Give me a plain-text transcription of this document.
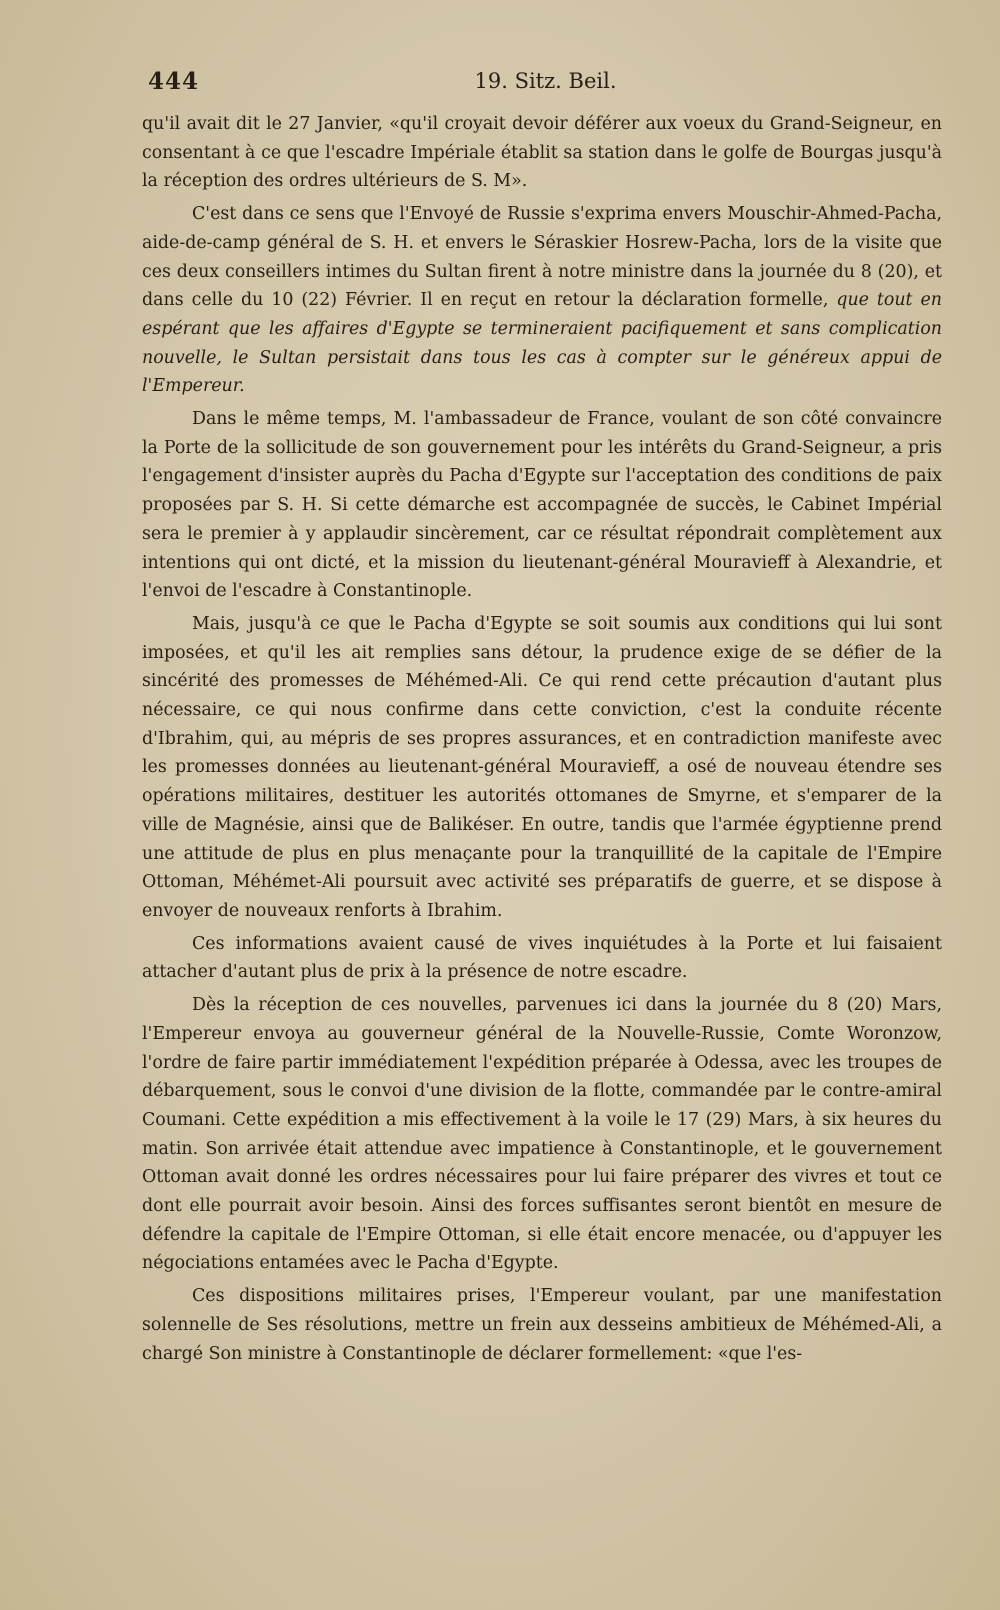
444	19. Sitz. Beil.

qu'il avait dit le 27 Janvier, «qu'il croyait devoir déférer aux voeux du Grand-Seigneur, en consentant à ce que l'escadre Impériale établit sa station dans le golfe de Bourgas jusqu'à la réception des ordres ultérieurs de S. M».

C'est dans ce sens que l'Envoyé de Russie s'exprima envers Mouschir-Ahmed-Pacha, aide-de-camp général de S. H. et envers le Séraskier Hosrew-Pacha, lors de la visite que ces deux conseillers intimes du Sultan firent à notre ministre dans la journée du 8 (20), et dans celle du 10 (22) Février. Il en reçut en retour la déclaration formelle, que tout en espérant que les affaires d'Egypte se termineraient pacifiquement et sans complication nouvelle, le Sultan persistait dans tous les cas à compter sur le généreux appui de l'Empereur.

Dans le même temps, M. l'ambassadeur de France, voulant de son côté convaincre la Porte de la sollicitude de son gouvernement pour les intérêts du Grand-Seigneur, a pris l'engagement d'insister auprès du Pacha d'Egypte sur l'acceptation des conditions de paix proposées par S. H. Si cette démarche est accompagnée de succès, le Cabinet Impérial sera le premier à y applaudir sincèrement, car ce résultat répondrait complètement aux intentions qui ont dicté, et la mission du lieutenant-général Mouravieff à Alexandrie, et l'envoi de l'escadre à Constantinople.

Mais, jusqu'à ce que le Pacha d'Egypte se soit soumis aux conditions qui lui sont imposées, et qu'il les ait remplies sans détour, la prudence exige de se défier de la sincérité des promesses de Méhémed-Ali. Ce qui rend cette précaution d'autant plus nécessaire, ce qui nous confirme dans cette conviction, c'est la conduite récente d'Ibrahim, qui, au mépris de ses propres assurances, et en contradiction manifeste avec les promesses données au lieutenant-général Mouravieff, a osé de nouveau étendre ses opérations militaires, destituer les autorités ottomanes de Smyrne, et s'emparer de la ville de Magnésie, ainsi que de Balikéser. En outre, tandis que l'armée égyptienne prend une attitude de plus en plus menaçante pour la tranquillité de la capitale de l'Empire Ottoman, Méhémet-Ali poursuit avec activité ses préparatifs de guerre, et se dispose à envoyer de nouveaux renforts à Ibrahim.

Ces informations avaient causé de vives inquiétudes à la Porte et lui faisaient attacher d'autant plus de prix à la présence de notre escadre.

Dès la réception de ces nouvelles, parvenues ici dans la journée du 8 (20) Mars, l'Empereur envoya au gouverneur général de la Nouvelle-Russie, Comte Woronzow, l'ordre de faire partir immédiatement l'expédition préparée à Odessa, avec les troupes de débarquement, sous le convoi d'une division de la flotte, commandée par le contre-amiral Coumani. Cette expédition a mis effectivement à la voile le 17 (29) Mars, à six heures du matin. Son arrivée était attendue avec impatience à Constantinople, et le gouvernement Ottoman avait donné les ordres nécessaires pour lui faire préparer des vivres et tout ce dont elle pourrait avoir besoin. Ainsi des forces suffisantes seront bientôt en mesure de défendre la capitale de l'Empire Ottoman, si elle était encore menacée, ou d'appuyer les négociations entamées avec le Pacha d'Egypte.

Ces dispositions militaires prises, l'Empereur voulant, par une manifestation solennelle de Ses résolutions, mettre un frein aux desseins ambitieux de Méhémed-Ali, a chargé Son ministre à Constantinople de déclarer formellement: «que l'es-
